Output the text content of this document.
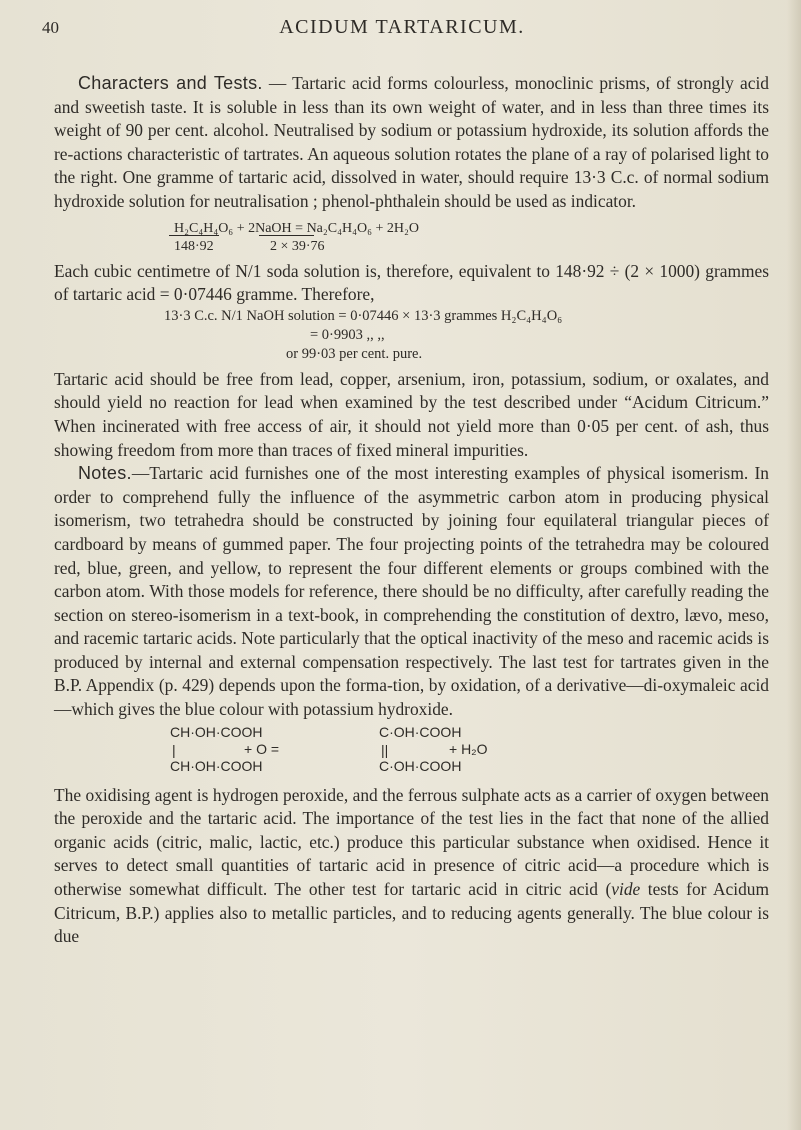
40	ACIDUM TARTARICUM.

Characters and Tests. — Tartaric acid forms colourless, monoclinic prisms, of strongly acid and sweetish taste. It is soluble in less than its own weight of water, and in less than three times its weight of 90 per cent. alcohol. Neutralised by sodium or potassium hydroxide, its solution affords the re-actions characteristic of tartrates. An aqueous solution rotates the plane of a ray of polarised light to the right. One gramme of tartaric acid, dissolved in water, should require 13·3 C.c. of normal sodium hydroxide solution for neutralisation ; phenol-phthalein should be used as indicator.

H₂C₄H₄O₆ + 2NaOH = Na₂C₄H₄O₆ + 2H₂O
148·92	2 × 39·76

Each cubic centimetre of N/1 soda solution is, therefore, equivalent to 148·92 ÷ (2 × 1000) grammes of tartaric acid = 0·07446 gramme. Therefore,

13·3 C.c. N/1 NaOH solution = 0·07446 × 13·3 grammes H₂C₄H₄O₆
= 0·9903 ,, ,,
or 99·03 per cent. pure.

Tartaric acid should be free from lead, copper, arsenium, iron, potassium, sodium, or oxalates, and should yield no reaction for lead when examined by the test described under “Acidum Citricum.” When incinerated with free access of air, it should not yield more than 0·05 per cent. of ash, thus showing freedom from more than traces of fixed mineral impurities.

Notes.—Tartaric acid furnishes one of the most interesting examples of physical isomerism. In order to comprehend fully the influence of the asymmetric carbon atom in producing physical isomerism, two tetrahedra should be constructed by joining four equilateral triangular pieces of cardboard by means of gummed paper. The four projecting points of the tetrahedra may be coloured red, blue, green, and yellow, to represent the four different elements or groups combined with the carbon atom. With those models for reference, there should be no difficulty, after carefully reading the section on stereo-isomerism in a text-book, in comprehending the constitution of dextro, lævo, meso, and racemic tartaric acids. Note particularly that the optical inactivity of the meso and racemic acids is produced by internal and external compensation respectively. The last test for tartrates given in the B.P. Appendix (p. 429) depends upon the forma-tion, by oxidation, of a derivative—di-oxymaleic acid—which gives the blue colour with potassium hydroxide.

CH·OH·COOH
|
CH·OH·COOH
+ O =
C·OH·COOH
||
C·OH·COOH
+ H₂O

The oxidising agent is hydrogen peroxide, and the ferrous sulphate acts as a carrier of oxygen between the peroxide and the tartaric acid. The importance of the test lies in the fact that none of the allied organic acids (citric, malic, lactic, etc.) produce this particular substance when oxidised. Hence it serves to detect small quantities of tartaric acid in presence of citric acid—a procedure which is otherwise somewhat difficult. The other test for tartaric acid in citric acid (vide tests for Acidum Citricum, B.P.) applies also to metallic particles, and to reducing agents generally. The blue colour is due
